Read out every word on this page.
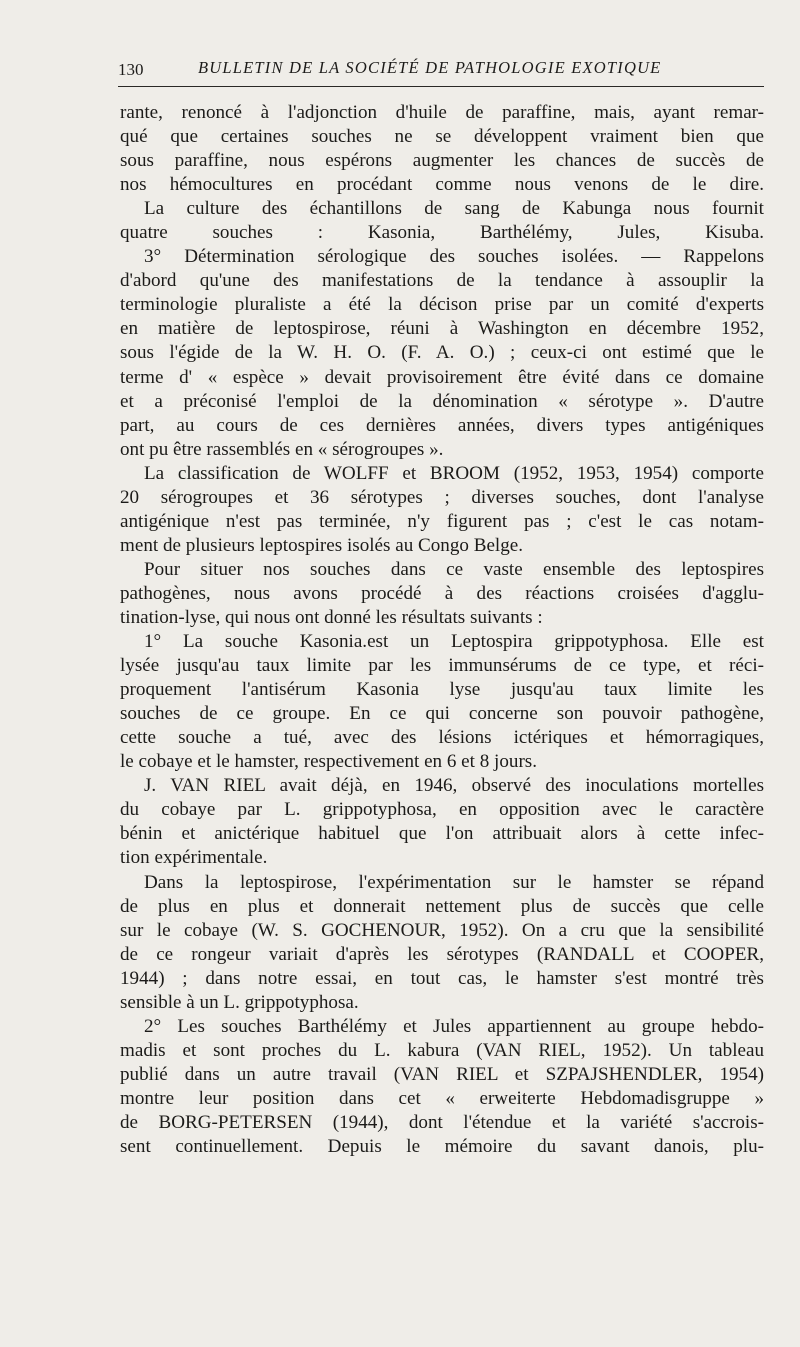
130	BULLETIN DE LA SOCIÉTÉ DE PATHOLOGIE EXOTIQUE
rante, renoncé à l'adjonction d'huile de paraffine, mais, ayant remar-
qué que certaines souches ne se développent vraiment bien que
sous paraffine, nous espérons augmenter les chances de succès de
nos hémocultures en procédant comme nous venons de le dire.
La culture des échantillons de sang de Kabunga nous fournit
quatre souches : Kasonia, Barthélémy, Jules, Kisuba.
3° Détermination sérologique des souches isolées. — Rappelons
d'abord qu'une des manifestations de la tendance à assouplir la
terminologie pluraliste a été la décison prise par un comité d'experts
en matière de leptospirose, réuni à Washington en décembre 1952,
sous l'égide de la W. H. O. (F. A. O.) ; ceux-ci ont estimé que le
terme d' « espèce » devait provisoirement être évité dans ce domaine
et a préconisé l'emploi de la dénomination « sérotype ». D'autre
part, au cours de ces dernières années, divers types antigéniques
ont pu être rassemblés en « sérogroupes ».
La classification de WOLFF et BROOM (1952, 1953, 1954) comporte
20 sérogroupes et 36 sérotypes ; diverses souches, dont l'analyse
antigénique n'est pas terminée, n'y figurent pas ; c'est le cas notam-
ment de plusieurs leptospires isolés au Congo Belge.
Pour situer nos souches dans ce vaste ensemble des leptospires
pathogènes, nous avons procédé à des réactions croisées d'agglu-
tination-lyse, qui nous ont donné les résultats suivants :
1° La souche Kasonia.est un Leptospira grippotyphosa. Elle est
lysée jusqu'au taux limite par les immunsérums de ce type, et réci-
proquement l'antisérum Kasonia lyse jusqu'au taux limite les
souches de ce groupe. En ce qui concerne son pouvoir pathogène,
cette souche a tué, avec des lésions ictériques et hémorragiques,
le cobaye et le hamster, respectivement en 6 et 8 jours.
J. VAN RIEL avait déjà, en 1946, observé des inoculations mortelles
du cobaye par L. grippotyphosa, en opposition avec le caractère
bénin et anictérique habituel que l'on attribuait alors à cette infec-
tion expérimentale.
Dans la leptospirose, l'expérimentation sur le hamster se répand
de plus en plus et donnerait nettement plus de succès que celle
sur le cobaye (W. S. GOCHENOUR, 1952). On a cru que la sensibilité
de ce rongeur variait d'après les sérotypes (RANDALL et COOPER,
1944) ; dans notre essai, en tout cas, le hamster s'est montré très
sensible à un L. grippotyphosa.
2° Les souches Barthélémy et Jules appartiennent au groupe hebdo-
madis et sont proches du L. kabura (VAN RIEL, 1952). Un tableau
publié dans un autre travail (VAN RIEL et SZPAJSHENDLER, 1954)
montre leur position dans cet « erweiterte Hebdomadisgruppe »
de BORG-PETERSEN (1944), dont l'étendue et la variété s'accrois-
sent continuellement. Depuis le mémoire du savant danois, plu-
